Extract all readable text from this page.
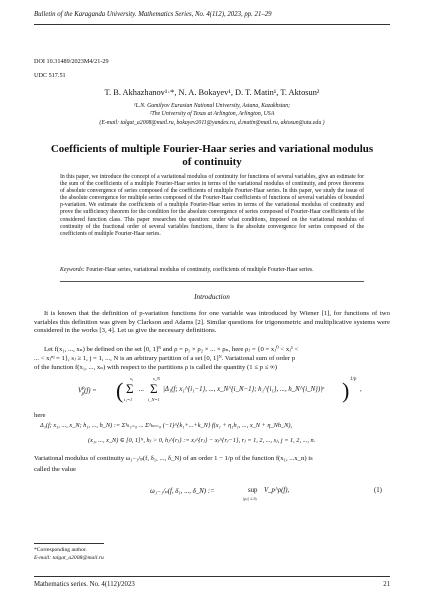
Bulletin of the Karaganda University. Mathematics Series, No. 4(112), 2023, pp. 21–29
DOI 10.31489/2023M4/21-29
UDC 517.51
T. B. Akhazhanov¹·*, N. A. Bokayev¹, D. T. Matin¹, T. Aktosun²
¹L.N. Gumilyov Eurasian National University, Astana, Kazakhstan;
²The University of Texas at Arlington, Arlington, USA
(E-mail: talgat_a2008@mail.ru, bokayev2011@yandex.ru, d.matin@mail.ru, aktosun@uta.edu )
Coefficients of multiple Fourier-Haar series and variational modulus
of continuity
In this paper, we introduce the concept of a variational modulus of continuity for functions of several variables, give an estimate for the sum of the coefficients of a multiple Fourier-Haar series in terms of the variational modulus of continuity, and prove theorems of absolute convergence of series composed of the coefficients of multiple Fourier-Haar series. In this paper, we study the issue of the absolute convergence for multiple series composed of the Fourier-Haar coefficients of functions of several variables of bounded p-variation. We estimate the coefficients of a multiple Fourier-Haar series in terms of the variational modulus of continuity and prove the sufficiency theorem for the condition for the absolute convergence of series composed of Fourier-Haar coefficients of the considered function class. This paper researches the question: under what conditions, imposed on the variational modulus of continuity of the fractional order of several variables functions, there is the absolute convergence for series composed of the coefficients of multiple Fourier-Haar series.
Keywords: Fourier-Haar series, variational modulus of continuity, coefficients of multiple Fourier-Haar series.
Introduction
It is known that the definition of p-variation functions for one variable was introduced by Wiener [1], for functions of two variables this definition was given by Clarkson and Adams [2]. Similar questions for trigonometric and multiplicative systems were considered in the works [3, 4]. Let us give the necessary definitions.
Let f(x₁, ..., xₙ) be defined on the set [0, 1]ᴺ and ρ = ρ₁ × ρ₂ × ... × ρₙ, here ρⱼ = {0 = xⱼ⁰ < xⱼ¹ <
... < xⱼⁿʲ = 1}, sⱼ ≥ 1, j = 1, ..., N is an arbitrary partition of a set [0, 1]ᴺ. Variational sum of order p
of the function f(x₁, ..., xₙ) with respect to the partitions ρ is called the quantity (1 ≤ p ≤ ∞)
$V^\rho_p(f)$ = ( s₁
Σ
i₁=1
...
s_N
Σ
i_N=1
|Δ₁(f; x₁^{i₁−1}, ..., x_N^{i_N−1}; h₁^{i₁}, ..., h_N^{i_N})|ᵖ ) 1/p
,
here
Δ₁(f; x₁, ..., x_N; h₁, ..., h_N) := Σ¹ₖ₁₌₀ ... Σ¹ₖₙ₌₀ (−1)^{k₁+...+k_N} f(x₁ + η₁h₁, ..., x_N + η_Nh_N),
(x₁, ..., x_N) ∈ [0, 1]ᴺ, hⱼ > 0, hⱼ^{rⱼ} := xⱼ^{rⱼ} − xⱼ^{rⱼ−1}, rⱼ = 1, 2, ..., sⱼ, j = 1, 2, ..., n.
Variational modulus of continuity ω₁₋₁/ₚ(f, δ₁, ..., δ_N) of an order 1 − 1/p of the function f(x₁, ...x_n) is
called the value
ω₁₋₁/ₚ(f, δ₁, ..., δ_N) :=	sup
|ρⱼ| ≤ δⱼ
V_p^ρ(f),	(1)
*Corresponding author.
E-mail: talgat_a2008@mail.ru
Mathematics series. No. 4(112)/2023	21
